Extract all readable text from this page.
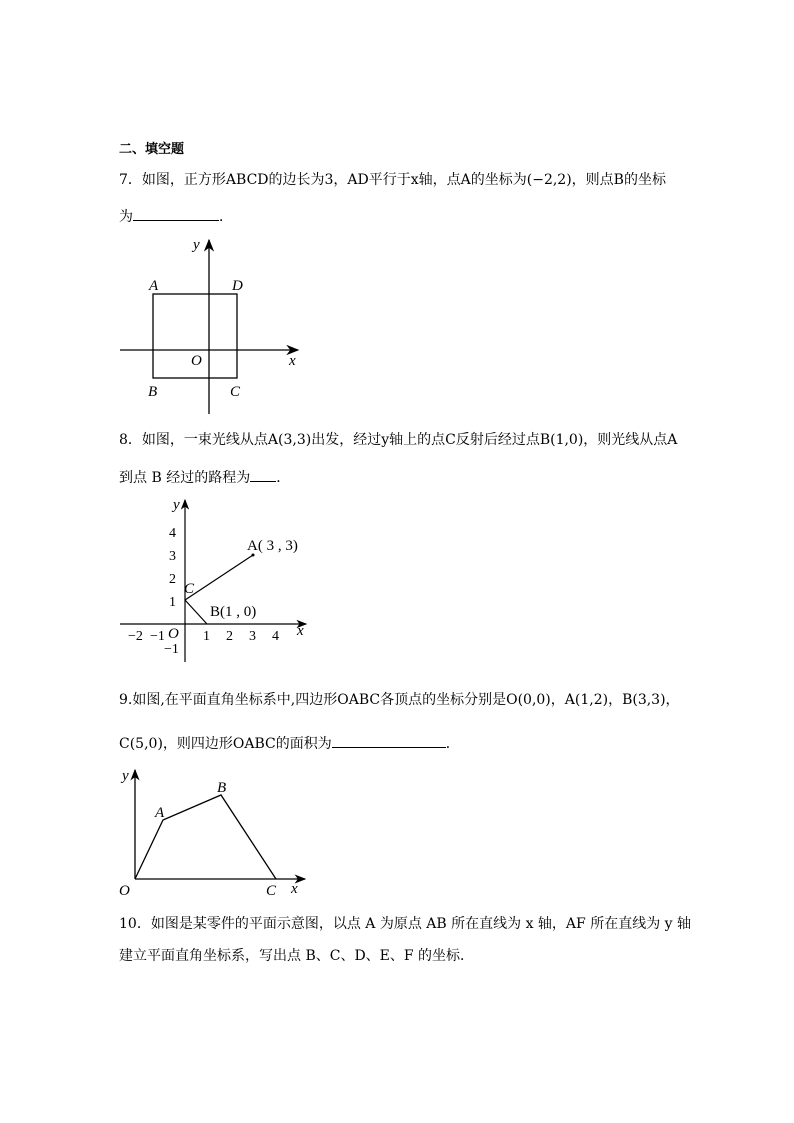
二、填空题
7．如图，正方形ABCD的边长为3，AD平行于x轴，点A的坐标为(−2,2)，则点B的坐标
为	．
y
x
A	D
O
B	C
8．如图，一束光线从点A(3,3)出发，经过y轴上的点C反射后经过点B(1,0)，则光线从点A
到点 B 经过的路程为 ．
y
x
A( 3 , 3)
B(1 , 0)
C
O
4
3
2
1
−1
−2 −1	1 2 3 4
9.如图,在平面直角坐标系中,四边形OABC各顶点的坐标分别是O(0,0)，A(1,2)，B(3,3)，
C(5,0)，则四边形OABC的面积为	．
y
x
O
A
B
C
10．如图是某零件的平面示意图，以点 A 为原点 AB 所在直线为 x 轴，AF 所在直线为 y 轴
建立平面直角坐标系，写出点 B、C、D、E、F 的坐标．
